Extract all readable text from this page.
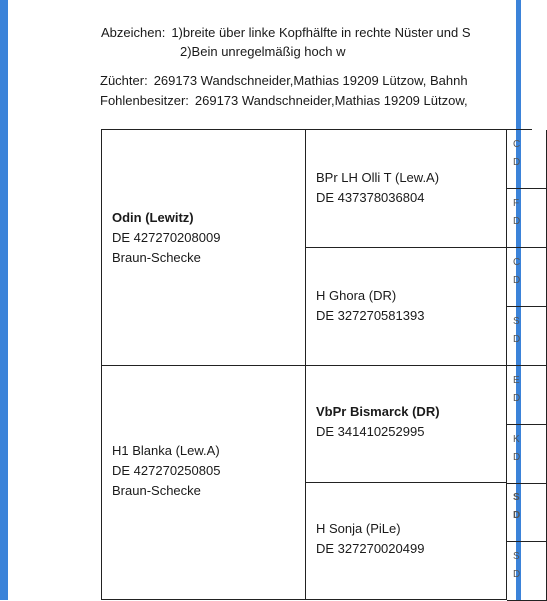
Abzeichen: 1)breite über linke Kopfhälfte in rechte Nüster und S
2)Bein unregelmäßig hoch w
Züchter: 269173 Wandschneider,Mathias 19209 Lützow, Bahnh
Fohlenbesitzer: 269173 Wandschneider,Mathias 19209 Lützow,
Odin (Lewitz)
DE 427270208009
Braun-Schecke
H1 Blanka (Lew.A)
DE 427270250805
Braun-Schecke
BPr LH Olli T (Lew.A)
DE 437378036804
H Ghora (DR)
DE 327270581393
VbPr Bismarck (DR)
DE 341410252995
H Sonja (PiLe)
DE 327270020499
C
D
F
D
C
D
S
D
E
D
K
D
S
D
S
D
